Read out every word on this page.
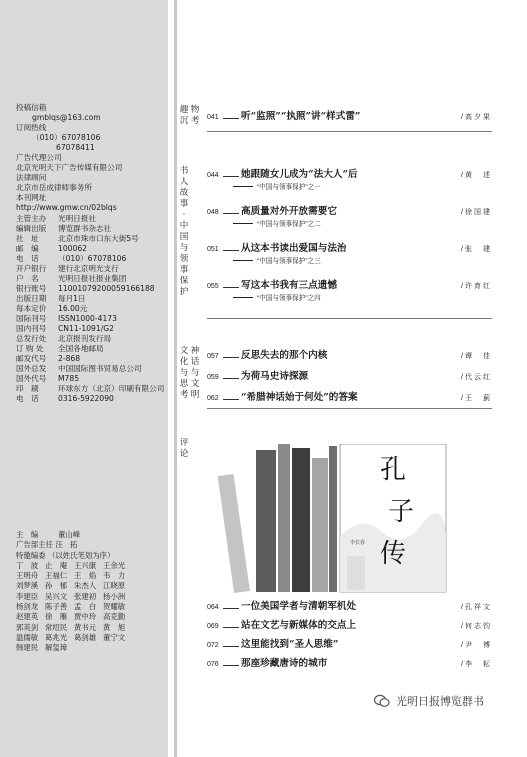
投稿信箱
gmblqs@163.com
订阅热线
（010）67078106
67078411
广告代理公司
北京光明天下广告传媒有限公司
法律顾问
北京市岳成律师事务所
本刊网址
http://www.gmw.cn/02blqs
主管主办 光明日报社
编辑出版 博览群书杂志社
社　址	北京市珠市口东大街5号
邮　编	100062
电　话	（010）67078106
开户银行 建行北京明光支行
户　名	光明日报社报业集团
银行账号 11001079200059166188
出版日期 每月1日
每本定价 16.00元
国际刊号 ISSN1000-4173
国内刊号 CN11-1091/G2
总发行处 北京报刊发行局
订 购 处 全国各地邮局
邮发代号 2-868
国外总发 中国国际图书贸易总公司
国外代号 M785
印　刷	环球东方（北京）印刷有限公司
电　话	0316-5922090
主　编	董山峰
广告部主任 汪　拓
特邀编委 （以姓氏笔划为序）
丁　波 止　庵 王兴康 王余光
王明舟 王福仁 王　焰 韦　力
刘梦溪 孙　郁 朱杰人 江晓原
李建臣 吴兴文 张建初 杨小洲
杨剑龙 陈子善 孟　白 贺耀敏
赵建英 徐　雁 贾中玲 高克勤
郭英剑 常绍民 黄书元 黄　旭
温儒敏 葛兆光 葛剑雄 董宁文
韩建民 解玺璋
趣
沉
物
考 041	听“监照”“执照”讲“样式雷”	/高夕果
书
人
故
事
·
中
国
与
领
事
保
护
044	她跟随女儿成为“法大人”后	/黄　述
“中国与领事保护”之一
048	高质量对外开放需要它	/徐国建
“中国与领事保护”之二
051	从这本书读出爱国与法治	/张　建
“中国与领事保护”之三
055	写这本书我有三点遗憾	/许育红
“中国与领事保护”之四
文
化
与
思
考
神
话
与
文
明
057	反思失去的那个内核	/谭　佳
059	为荷马史诗探源	/代云红
062	“希腊神话始于何处”的答案	/王　蓟
评
论
064	一位美国学者与清朝军机处	/孔祥文
069	站在文艺与新媒体的交点上	/何志钧
072	这里能找到“圣人思维”	/尹　博
076	那座珍藏唐诗的城市	/李　耘
孔
子
传
李长春
光明日报博览群书
